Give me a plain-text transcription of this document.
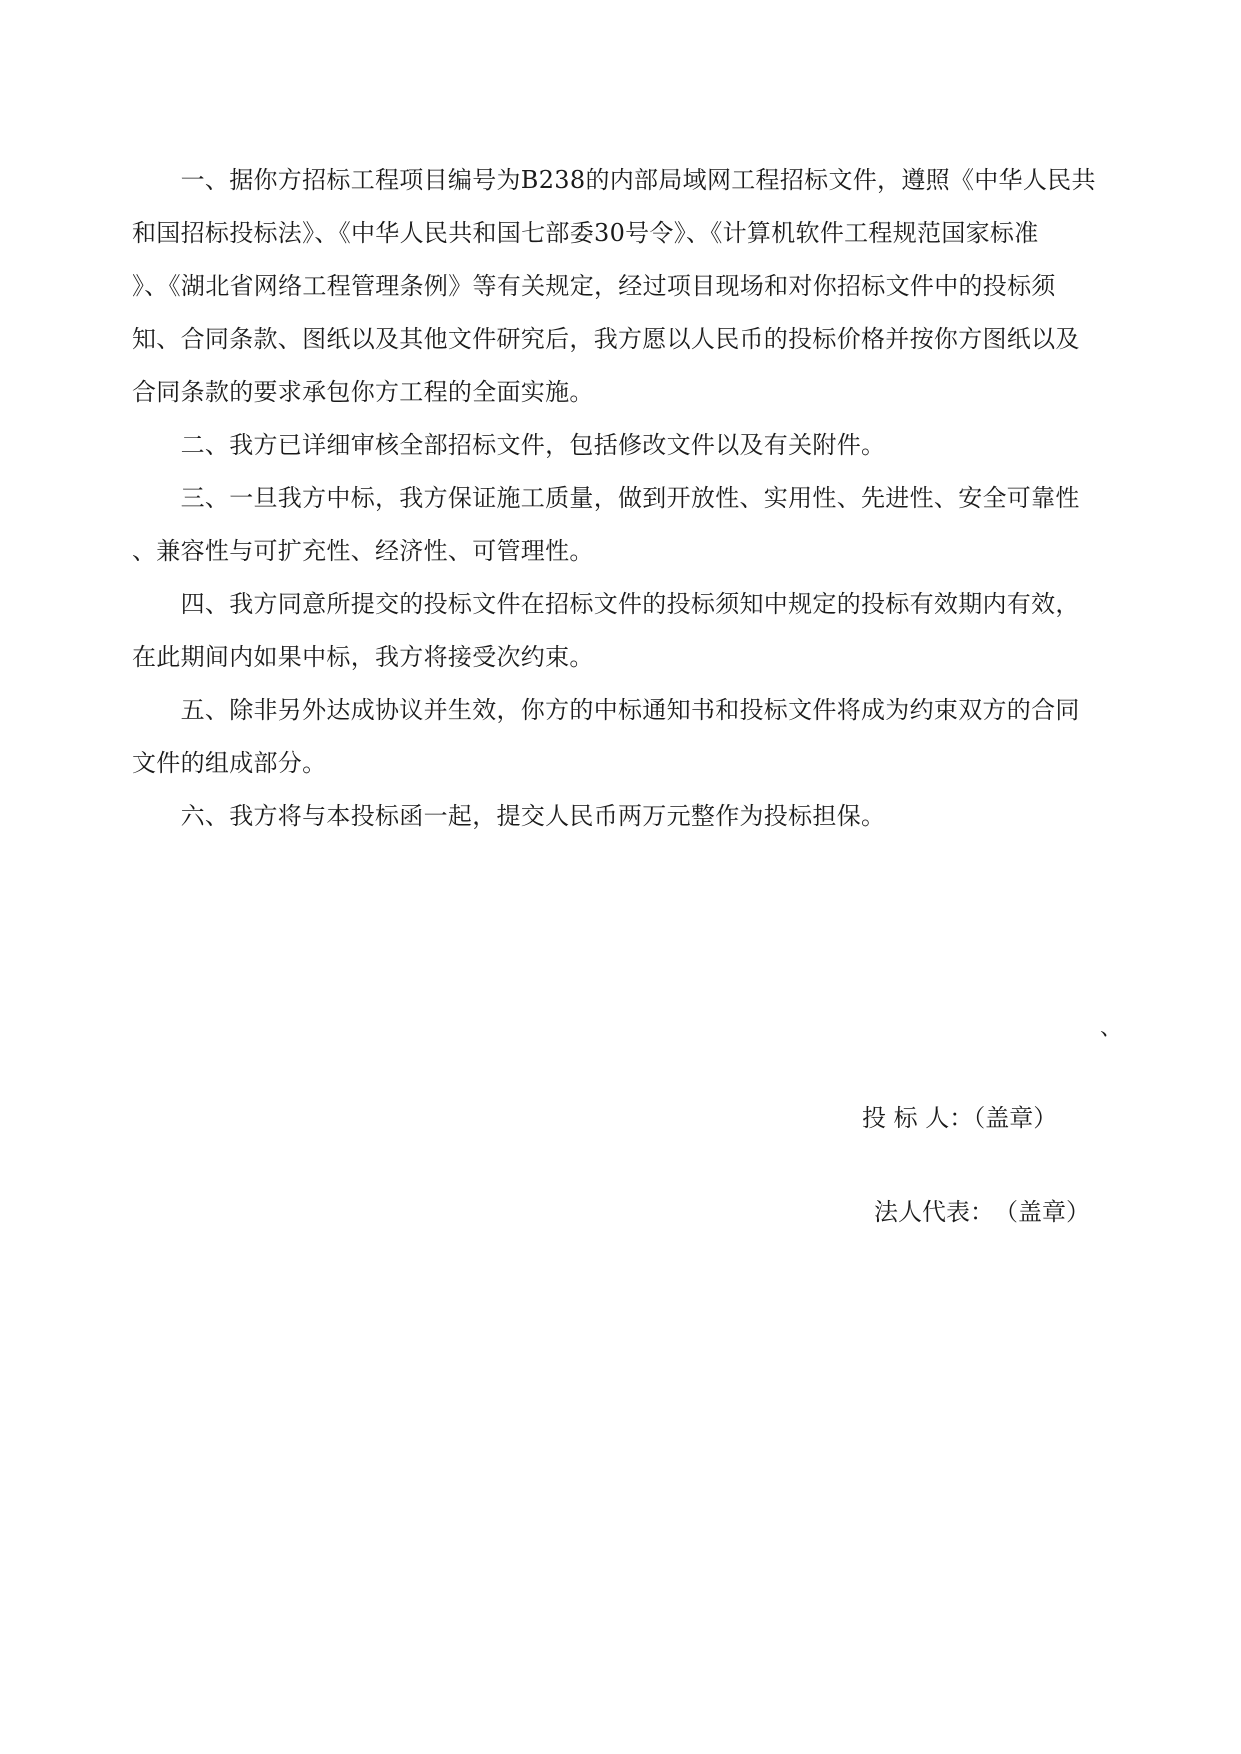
　　一、据你方招标工程项目编号为B238的内部局域网工程招标文件，遵照《中华人民共
和国招标投标法》、《中华人民共和国七部委30号令》、《计算机软件工程规范国家标准
》、《湖北省网络工程管理条例》等有关规定，经过项目现场和对你招标文件中的投标须
知、合同条款、图纸以及其他文件研究后，我方愿以人民币的投标价格并按你方图纸以及
合同条款的要求承包你方工程的全面实施。
　　二、我方已详细审核全部招标文件，包括修改文件以及有关附件。
　　三、一旦我方中标，我方保证施工质量，做到开放性、实用性、先进性、安全可靠性
、兼容性与可扩充性、经济性、可管理性。
　　四、我方同意所提交的投标文件在招标文件的投标须知中规定的投标有效期内有效，
在此期间内如果中标，我方将接受次约束。
　　五、除非另外达成协议并生效，你方的中标通知书和投标文件将成为约束双方的合同
文件的组成部分。
　　六、我方将与本投标函一起，提交人民币两万元整作为投标担保。
、
投 标 人：（盖章）
法人代表：　（盖章）
